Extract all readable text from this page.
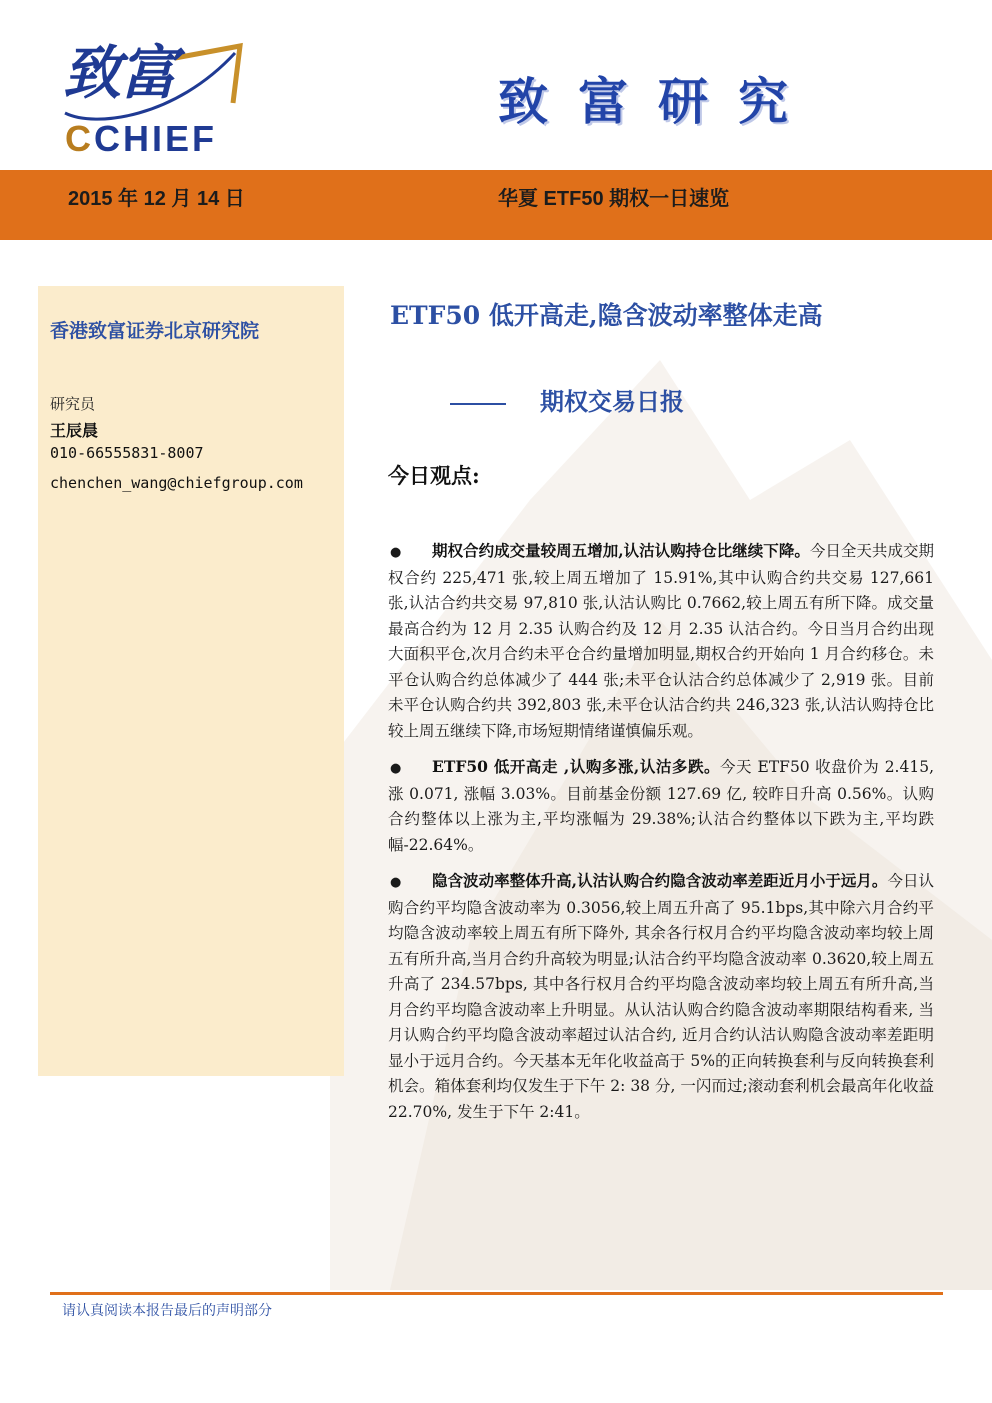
致富
CCHIEF
致富研究
2015 年 12 月 14 日	华夏 ETF50 期权一日速览
香港致富证券北京研究院
研究员
王辰晨
010-66555831-8007
chenchen_wang@chiefgroup.com
ETF50 低开高走,隐含波动率整体走高
期权交易日报
今日观点:

● 期权合约成交量较周五增加,认沽认购持仓比继续下降。今日全天共成交期权合约 225,471 张,较上周五增加了 15.91%,其中认购合约共交易 127,661 张,认沽合约共交易 97,810 张,认沽认购比 0.7662,较上周五有所下降。成交量最高合约为 12 月 2.35 认购合约及 12 月 2.35 认沽合约。今日当月合约出现大面积平仓,次月合约未平仓合约量增加明显,期权合约开始向 1 月合约移仓。未平仓认购合约总体减少了 444 张;未平仓认沽合约总体减少了 2,919 张。目前未平仓认购合约共 392,803 张,未平仓认沽合约共 246,323 张,认沽认购持仓比较上周五继续下降,市场短期情绪谨慎偏乐观。

● ETF50 低开高走 ,认购多涨,认沽多跌。今天 ETF50 收盘价为 2.415,涨 0.071, 涨幅 3.03%。目前基金份额 127.69 亿, 较昨日升高 0.56%。认购合约整体以上涨为主,平均涨幅为 29.38%;认沽合约整体以下跌为主,平均跌幅-22.64%。

● 隐含波动率整体升高,认沽认购合约隐含波动率差距近月小于远月。今日认购合约平均隐含波动率为 0.3056,较上周五升高了 95.1bps,其中除六月合约平均隐含波动率较上周五有所下降外, 其余各行权月合约平均隐含波动率均较上周五有所升高,当月合约升高较为明显;认沽合约平均隐含波动率 0.3620,较上周五升高了 234.57bps, 其中各行权月合约平均隐含波动率均较上周五有所升高,当月合约平均隐含波动率上升明显。从认沽认购合约隐含波动率期限结构看来, 当月认购合约平均隐含波动率超过认沽合约, 近月合约认沽认购隐含波动率差距明显小于远月合约。今天基本无年化收益高于 5%的正向转换套利与反向转换套利机会。箱体套利均仅发生于下午 2: 38 分, 一闪而过;滚动套利机会最高年化收益 22.70%, 发生于下午 2:41。

请认真阅读本报告最后的声明部分
